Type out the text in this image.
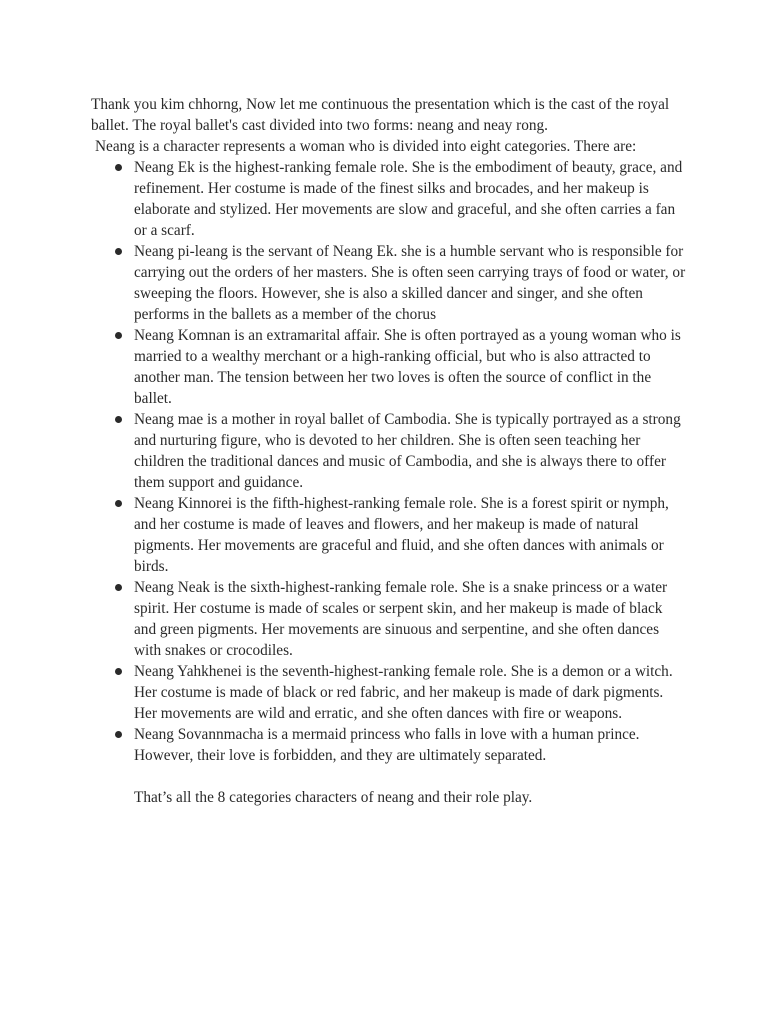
Thank you kim chhorng, Now let me continuous the presentation which is the cast of the royal ballet. The royal ballet's cast divided into two forms: neang and neay rong.

Neang is a character represents a woman who is divided into eight categories. There are:

Neang Ek is the highest-ranking female role. She is the embodiment of beauty, grace, and refinement. Her costume is made of the finest silks and brocades, and her makeup is elaborate and stylized. Her movements are slow and graceful, and she often carries a fan or a scarf.
Neang pi-leang is the servant of Neang Ek. she is a humble servant who is responsible for carrying out the orders of her masters. She is often seen carrying trays of food or water, or sweeping the floors. However, she is also a skilled dancer and singer, and she often performs in the ballets as a member of the chorus
Neang Komnan is an extramarital affair. She is often portrayed as a young woman who is married to a wealthy merchant or a high-ranking official, but who is also attracted to another man. The tension between her two loves is often the source of conflict in the ballet.
Neang mae is a mother in royal ballet of Cambodia. She is typically portrayed as a strong and nurturing figure, who is devoted to her children. She is often seen teaching her children the traditional dances and music of Cambodia, and she is always there to offer them support and guidance.
Neang Kinnorei is the fifth-highest-ranking female role. She is a forest spirit or nymph, and her costume is made of leaves and flowers, and her makeup is made of natural pigments. Her movements are graceful and fluid, and she often dances with animals or birds.
Neang Neak is the sixth-highest-ranking female role. She is a snake princess or a water spirit. Her costume is made of scales or serpent skin, and her makeup is made of black and green pigments. Her movements are sinuous and serpentine, and she often dances with snakes or crocodiles.
Neang Yahkhenei is the seventh-highest-ranking female role. She is a demon or a witch. Her costume is made of black or red fabric, and her makeup is made of dark pigments. Her movements are wild and erratic, and she often dances with fire or weapons.
Neang Sovannmacha is a mermaid princess who falls in love with a human prince. However, their love is forbidden, and they are ultimately separated.

That’s all the 8 categories characters of neang and their role play.
